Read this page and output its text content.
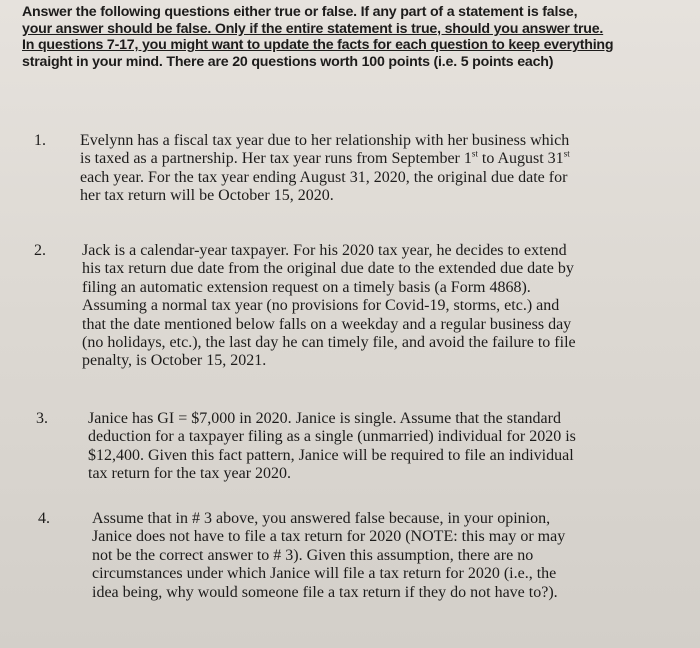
Answer the following questions either true or false. If any part of a statement is false,
your answer should be false. Only if the entire statement is true, should you answer true.
In questions 7-17, you might want to update the facts for each question to keep everything
straight in your mind. There are 20 questions worth 100 points (i.e. 5 points each)
1. Evelynn has a fiscal tax year due to her relationship with her business which
is taxed as a partnership. Her tax year runs from September 1st to August 31st
each year. For the tax year ending August 31, 2020, the original due date for
her tax return will be October 15, 2020.
2. Jack is a calendar-year taxpayer. For his 2020 tax year, he decides to extend
his tax return due date from the original due date to the extended due date by
filing an automatic extension request on a timely basis (a Form 4868).
Assuming a normal tax year (no provisions for Covid-19, storms, etc.) and
that the date mentioned below falls on a weekday and a regular business day
(no holidays, etc.), the last day he can timely file, and avoid the failure to file
penalty, is October 15, 2021.
3.	Janice has GI = $7,000 in 2020. Janice is single. Assume that the standard
deduction for a taxpayer filing as a single (unmarried) individual for 2020 is
$12,400. Given this fact pattern, Janice will be required to file an individual
tax return for the tax year 2020.
4.	Assume that in # 3 above, you answered false because, in your opinion,
Janice does not have to file a tax return for 2020 (NOTE: this may or may
not be the correct answer to # 3). Given this assumption, there are no
circumstances under which Janice will file a tax return for 2020 (i.e., the
idea being, why would someone file a tax return if they do not have to?).
